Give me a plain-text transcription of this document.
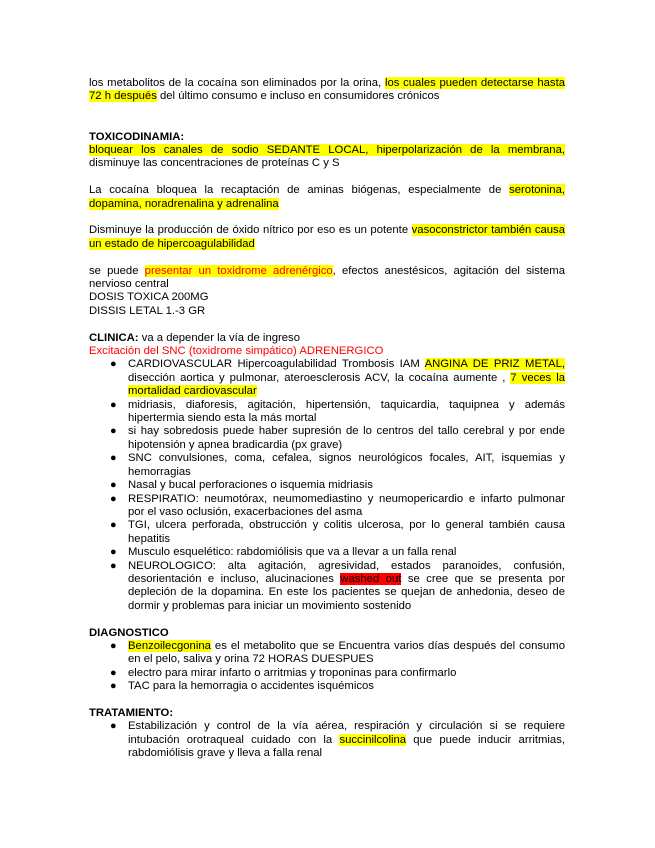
los metabolitos de la cocaína son eliminados por la orina, los cuales pueden detectarse hasta 72 h después del último consumo e incluso en consumidores crónicos

TOXICODINAMIA:

bloquear los canales de sodio SEDANTE LOCAL, hiperpolarización de la membrana, disminuye las concentraciones de proteínas C y S

La cocaína bloquea la recaptación de aminas biógenas, especialmente de serotonina, dopamina, noradrenalina y adrenalina

Disminuye la producción de óxido nítrico por eso es un potente vasoconstrictor también causa un estado de hipercoagulabilidad

se puede presentar un toxidrome adrenérgico, efectos anestésicos, agitación del sistema nervioso central

DOSIS TOXICA 200MG

DISSIS LETAL 1.-3 GR

CLINICA: va a depender la vía de ingreso

Excitación del SNC (toxidrome simpático) ADRENERGICO

● CARDIOVASCULAR Hipercoagulabilidad Trombosis IAM ANGINA DE PRIZ METAL, disección aortica y pulmonar, ateroesclerosis ACV, la cocaína aumente , 7 veces la mortalidad cardiovascular
● midriasis, diaforesis, agitación, hipertensión, taquicardia, taquipnea y además hipertermia siendo esta la más mortal
● si hay sobredosis puede haber supresión de lo centros del tallo cerebral y por ende hipotensión y apnea bradicardia (px grave)
● SNC convulsiones, coma, cefalea, signos neurológicos focales, AIT, isquemias y hemorragias
● Nasal y bucal perforaciones o isquemia midriasis
● RESPIRATIO: neumotórax, neumomediastino y neumopericardio e infarto pulmonar por el vaso oclusión, exacerbaciones del asma
● TGI, ulcera perforada, obstrucción y colitis ulcerosa, por lo general también causa hepatitis
● Musculo esquelético: rabdomiólisis que va a llevar a un falla renal
● NEUROLOGICO: alta agitación, agresividad, estados paranoides, confusión, desorientación e incluso, alucinaciones washed out se cree que se presenta por depleción de la dopamina. En este los pacientes se quejan de anhedonia, deseo de dormir y problemas para iniciar un movimiento sostenido

DIAGNOSTICO

● Benzoilecgonina es el metabolito que se Encuentra varios días después del consumo en el pelo, saliva y orina 72 HORAS DUESPUES
● electro para mirar infarto o arritmias y troponinas para confirmarlo
● TAC para la hemorragia o accidentes isquémicos

TRATAMIENTO:

● Estabilización y control de la vía aérea, respiración y circulación si se requiere intubación orotraqueal cuidado con la succinilcolina que puede inducir arritmias, rabdomiólisis grave y lleva a falla renal
